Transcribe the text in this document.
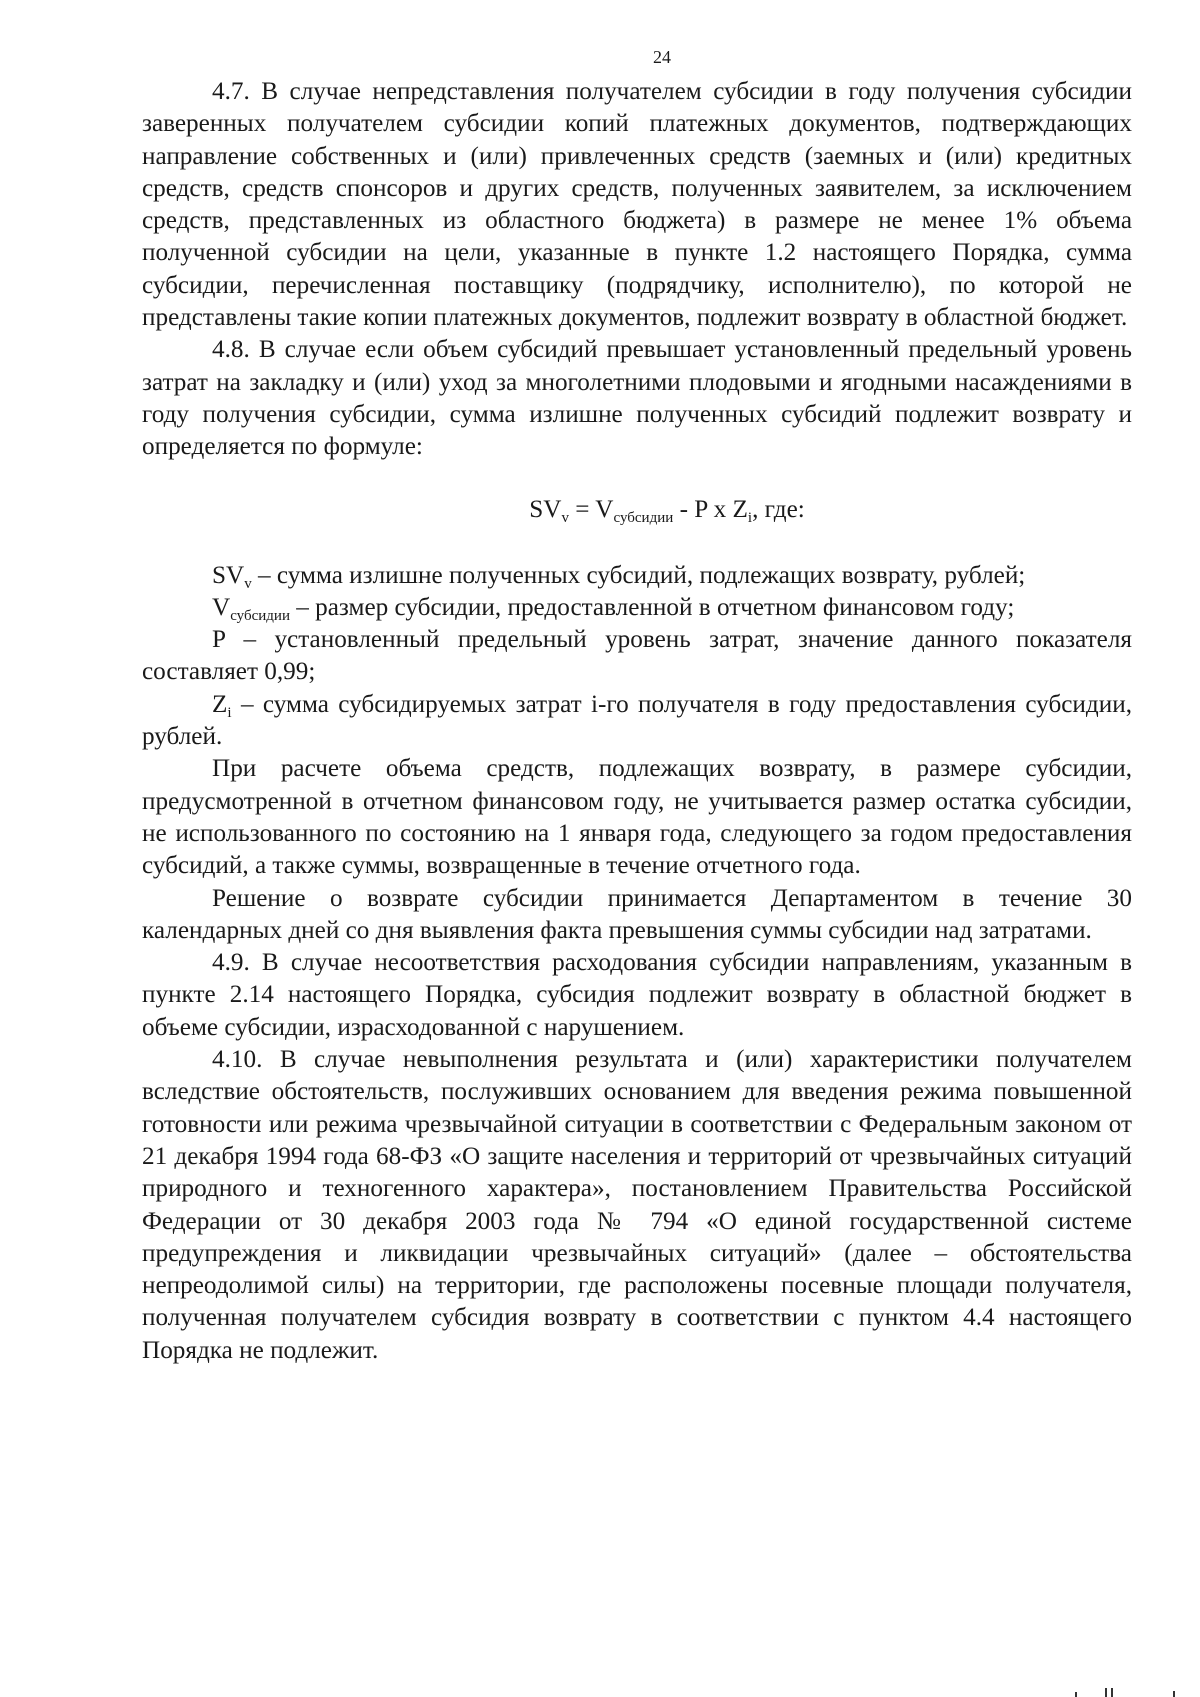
24

4.7. В случае непредставления получателем субсидии в году получения субсидии заверенных получателем субсидии копий платежных документов, подтверждающих направление собственных и (или) привлеченных средств (заемных и (или) кредитных средств, средств спонсоров и других средств, полученных заявителем, за исключением средств, представленных из областного бюджета) в размере не менее 1% объема полученной субсидии на цели, указанные в пункте 1.2 настоящего Порядка, сумма субсидии, перечисленная поставщику (подрядчику, исполнителю), по которой не представлены такие копии платежных документов, подлежит возврату в областной бюджет.

4.8. В случае если объем субсидий превышает установленный предельный уровень затрат на закладку и (или) уход за многолетними плодовыми и ягодными насаждениями в году получения субсидии, сумма излишне полученных субсидий подлежит возврату и определяется по формуле:

$SV_v = V_{субсидии} - P$ x $Z_i$, где:

$SV_v$ – сумма излишне полученных субсидий, подлежащих возврату, рублей;

$V_{субсидии}$ – размер субсидии, предоставленной в отчетном финансовом году;

P – установленный предельный уровень затрат, значение данного показателя составляет 0,99;

$Z_i$ – сумма субсидируемых затрат i-го получателя в году предоставления субсидии, рублей.

При расчете объема средств, подлежащих возврату, в размере субсидии, предусмотренной в отчетном финансовом году, не учитывается размер остатка субсидии, не использованного по состоянию на 1 января года, следующего за годом предоставления субсидий, а также суммы, возвращенные в течение отчетного года.

Решение о возврате субсидии принимается Департаментом в течение 30 календарных дней со дня выявления факта превышения суммы субсидии над затратами.

4.9. В случае несоответствия расходования субсидии направлениям, указанным в пункте 2.14 настоящего Порядка, субсидия подлежит возврату в областной бюджет в объеме субсидии, израсходованной с нарушением.

4.10. В случае невыполнения результата и (или) характеристики получателем вследствие обстоятельств, послуживших основанием для введения режима повышенной готовности или режима чрезвычайной ситуации в соответствии с Федеральным законом от 21 декабря 1994 года 68-ФЗ «О защите населения и территорий от чрезвычайных ситуаций природного и техногенного характера», постановлением Правительства Российской Федерации от 30 декабря 2003 года № 794 «О единой государственной системе предупреждения и ликвидации чрезвычайных ситуаций» (далее – обстоятельства непреодолимой силы) на территории, где расположены посевные площади получателя, полученная получателем субсидия возврату в соответствии с пунктом 4.4 настоящего Порядка не подлежит.
